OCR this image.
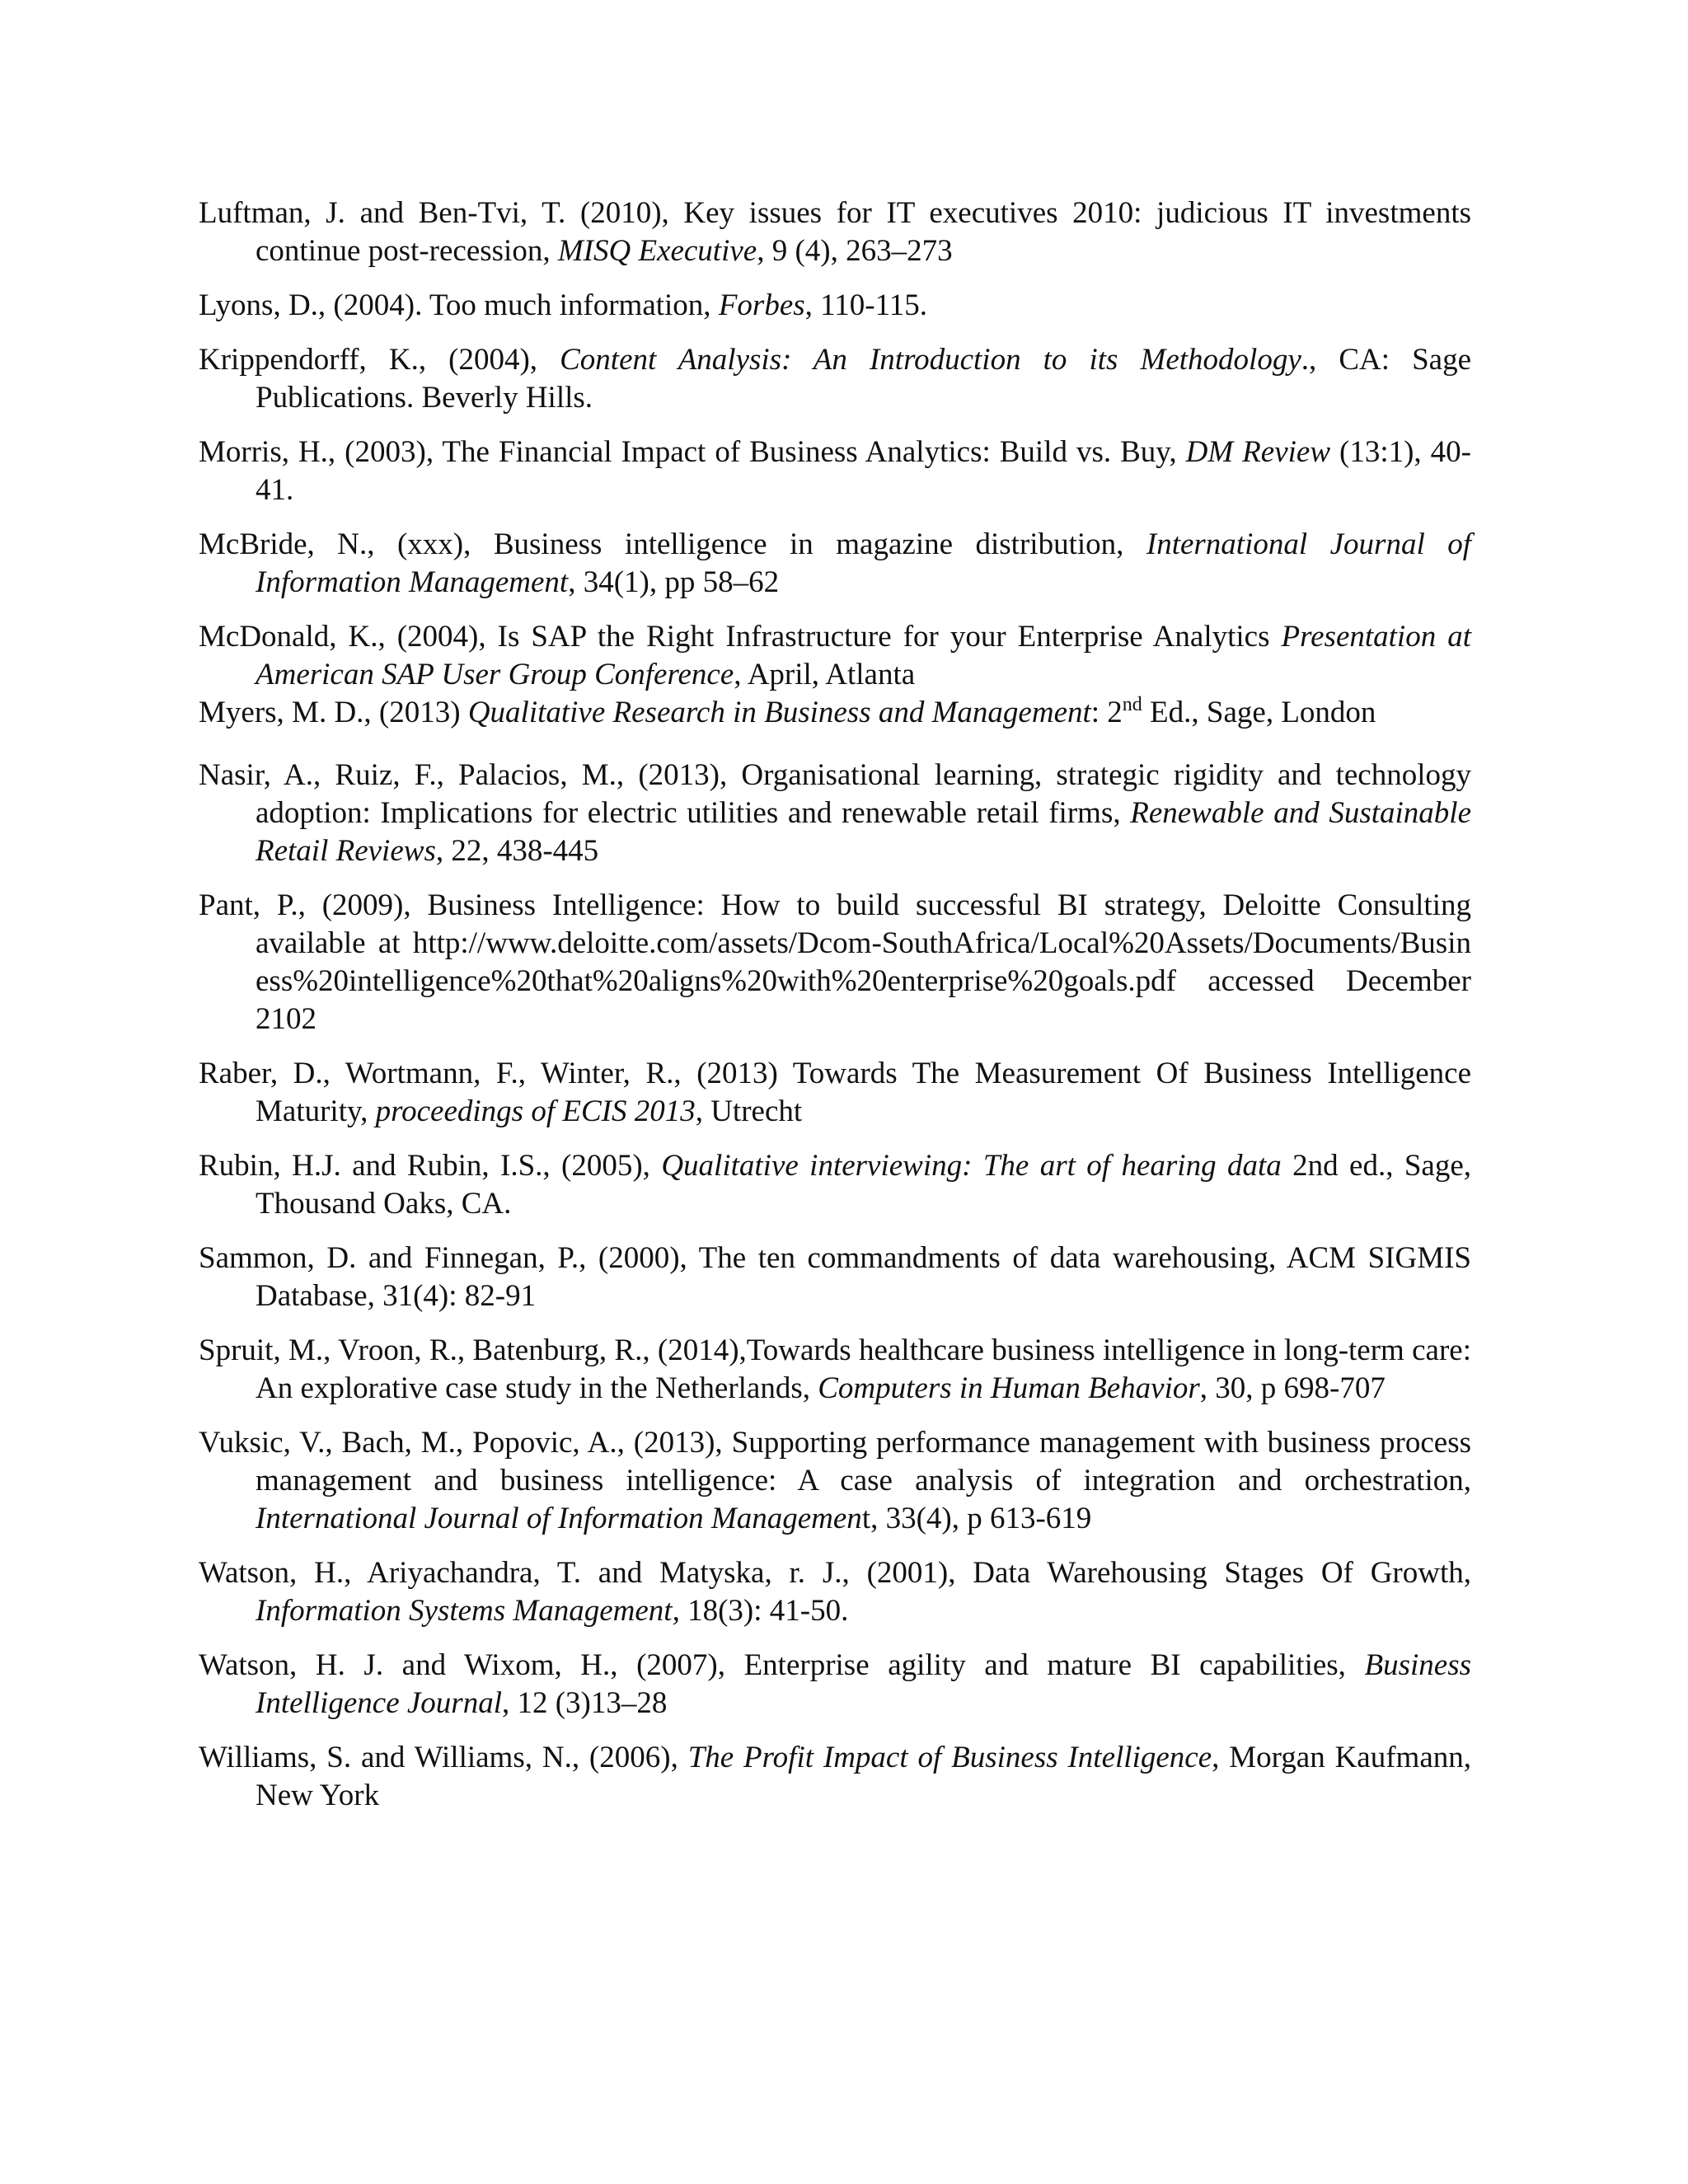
Luftman, J. and Ben-Tvi, T. (2010), Key issues for IT executives 2010: judicious IT investments continue post-recession, MISQ Executive, 9 (4), 263–273

Lyons, D., (2004). Too much information, Forbes, 110-115.

Krippendorff, K., (2004), Content Analysis: An Introduction to its Methodology., CA: Sage Publications. Beverly Hills.

Morris, H., (2003), The Financial Impact of Business Analytics: Build vs. Buy, DM Review (13:1), 40-41.

McBride, N., (xxx), Business intelligence in magazine distribution, International Journal of Information Management, 34(1), pp 58–62

McDonald, K., (2004), Is SAP the Right Infrastructure for your Enterprise Analytics Presentation at American SAP User Group Conference, April, Atlanta

Myers, M. D., (2013) Qualitative Research in Business and Management: 2nd Ed., Sage, London

Nasir, A., Ruiz, F., Palacios, M., (2013), Organisational learning, strategic rigidity and technology adoption: Implications for electric utilities and renewable retail firms, Renewable and Sustainable Retail Reviews, 22, 438-445

Pant, P., (2009), Business Intelligence: How to build successful BI strategy, Deloitte Consulting available at http://www.deloitte.com/assets/Dcom-SouthAfrica/Local%20Assets/Documents/Business%20intelligence%20that%20aligns%20with%20enterprise%20goals.pdf accessed December 2102

Raber, D., Wortmann, F., Winter, R., (2013) Towards The Measurement Of Business Intelligence Maturity, proceedings of ECIS 2013, Utrecht

Rubin, H.J. and Rubin, I.S., (2005), Qualitative interviewing: The art of hearing data 2nd ed., Sage, Thousand Oaks, CA.

Sammon, D. and Finnegan, P., (2000), The ten commandments of data warehousing, ACM SIGMIS Database, 31(4): 82-91

Spruit, M., Vroon, R., Batenburg, R., (2014),Towards healthcare business intelligence in long-term care: An explorative case study in the Netherlands, Computers in Human Behavior, 30, p 698-707

Vuksic, V., Bach, M., Popovic, A., (2013), Supporting performance management with business process management and business intelligence: A case analysis of integration and orchestration, International Journal of Information Management, 33(4), p 613-619

Watson, H., Ariyachandra, T. and Matyska, r. J., (2001), Data Warehousing Stages Of Growth, Information Systems Management, 18(3): 41-50.

Watson, H. J. and Wixom, H., (2007), Enterprise agility and mature BI capabilities, Business Intelligence Journal, 12 (3)13–28

Williams, S. and Williams, N., (2006), The Profit Impact of Business Intelligence, Morgan Kaufmann, New York
